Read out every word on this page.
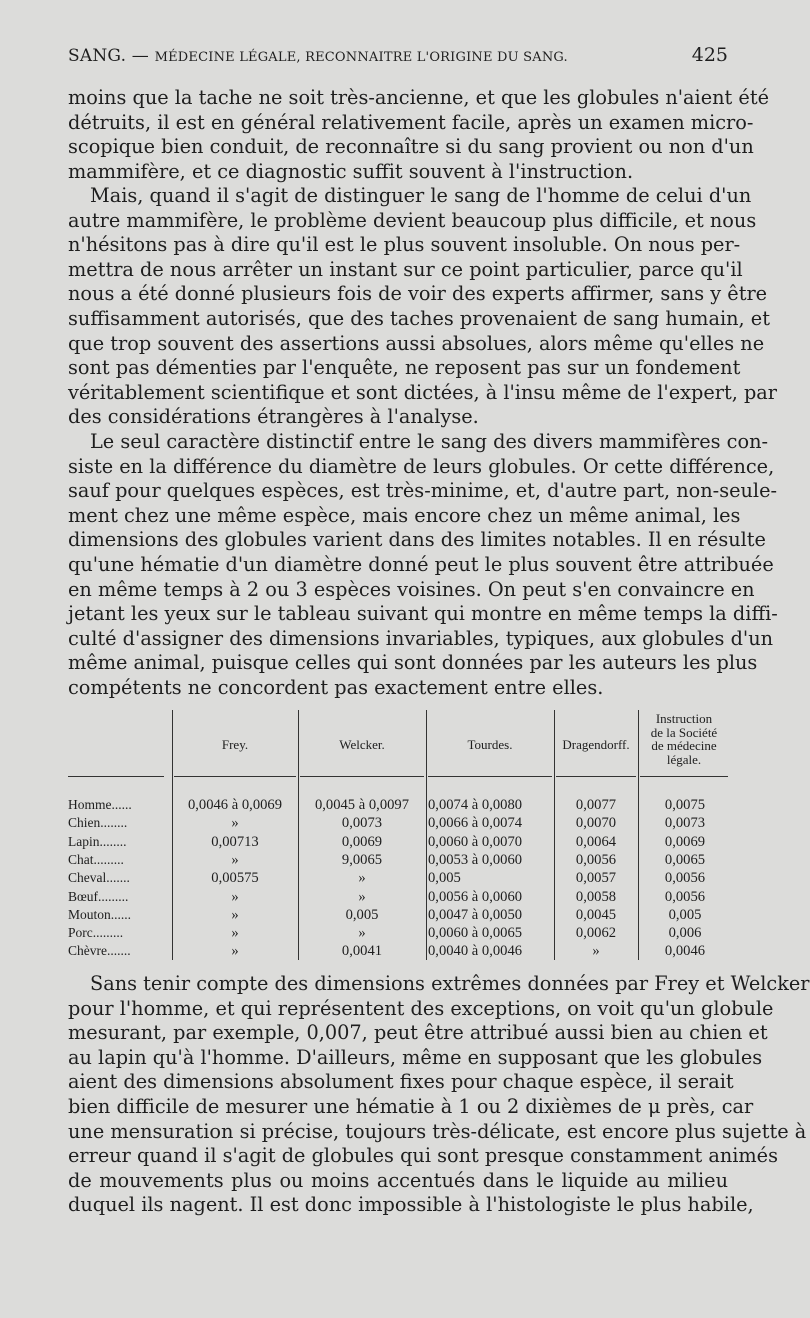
SANG. — MÉDECINE LÉGALE, RECONNAITRE L'ORIGINE DU SANG.	425
moins que la tache ne soit très-ancienne, et que les globules n'aient été
détruits, il est en général relativement facile, après un examen micro-
scopique bien conduit, de reconnaître si du sang provient ou non d'un
mammifère, et ce diagnostic suffit souvent à l'instruction.
Mais, quand il s'agit de distinguer le sang de l'homme de celui d'un
autre mammifère, le problème devient beaucoup plus difficile, et nous
n'hésitons pas à dire qu'il est le plus souvent insoluble. On nous per-
mettra de nous arrêter un instant sur ce point particulier, parce qu'il
nous a été donné plusieurs fois de voir des experts affirmer, sans y être
suffisamment autorisés, que des taches provenaient de sang humain, et
que trop souvent des assertions aussi absolues, alors même qu'elles ne
sont pas démenties par l'enquête, ne reposent pas sur un fondement
véritablement scientifique et sont dictées, à l'insu même de l'expert, par
des considérations étrangères à l'analyse.
Le seul caractère distinctif entre le sang des divers mammifères con-
siste en la différence du diamètre de leurs globules. Or cette différence,
sauf pour quelques espèces, est très-minime, et, d'autre part, non-seule-
ment chez une même espèce, mais encore chez un même animal, les
dimensions des globules varient dans des limites notables. Il en résulte
qu'une hématie d'un diamètre donné peut le plus souvent être attribuée
en même temps à 2 ou 3 espèces voisines. On peut s'en convaincre en
jetant les yeux sur le tableau suivant qui montre en même temps la diffi-
culté d'assigner des dimensions invariables, typiques, aux globules d'un
même animal, puisque celles qui sont données par les auteurs les plus
compétents ne concordent pas exactement entre elles.
Frey.	Welcker.	Tourdes.	Dragendorff.
Instruction
de la Société
de médecine
légale.
Homme......	0,0046 à 0,0069	0,0045 à 0,0097	0,0074 à 0,0080	0,0077	0,0075
Chien........	»	0,0073	0,0066 à 0,0074	0,0070	0,0073
Lapin........	0,00713	0,0069	0,0060 à 0,0070	0,0064	0,0069
Chat.........	»	9,0065	0,0053 à 0,0060	0,0056	0,0065
Cheval.......	0,00575	»	0,005	0,0057	0,0056
Bœuf.........	»	»	0,0056 à 0,0060	0,0058	0,0056
Mouton......	»	0,005	0,0047 à 0,0050	0,0045	0,005
Porc.........	»	»	0,0060 à 0,0065	0,0062	0,006
Chèvre.......	»	0,0041	0,0040 à 0,0046	»	0,0046
Sans tenir compte des dimensions extrêmes données par Frey et Welcker
pour l'homme, et qui représentent des exceptions, on voit qu'un globule
mesurant, par exemple, 0,007, peut être attribué aussi bien au chien et
au lapin qu'à l'homme. D'ailleurs, même en supposant que les globules
aient des dimensions absolument fixes pour chaque espèce, il serait
bien difficile de mesurer une hématie à 1 ou 2 dixièmes de μ près, car
une mensuration si précise, toujours très-délicate, est encore plus sujette à
erreur quand il s'agit de globules qui sont presque constamment animés
de mouvements plus ou moins accentués dans le liquide au milieu
duquel ils nagent. Il est donc impossible à l'histologiste le plus habile,
